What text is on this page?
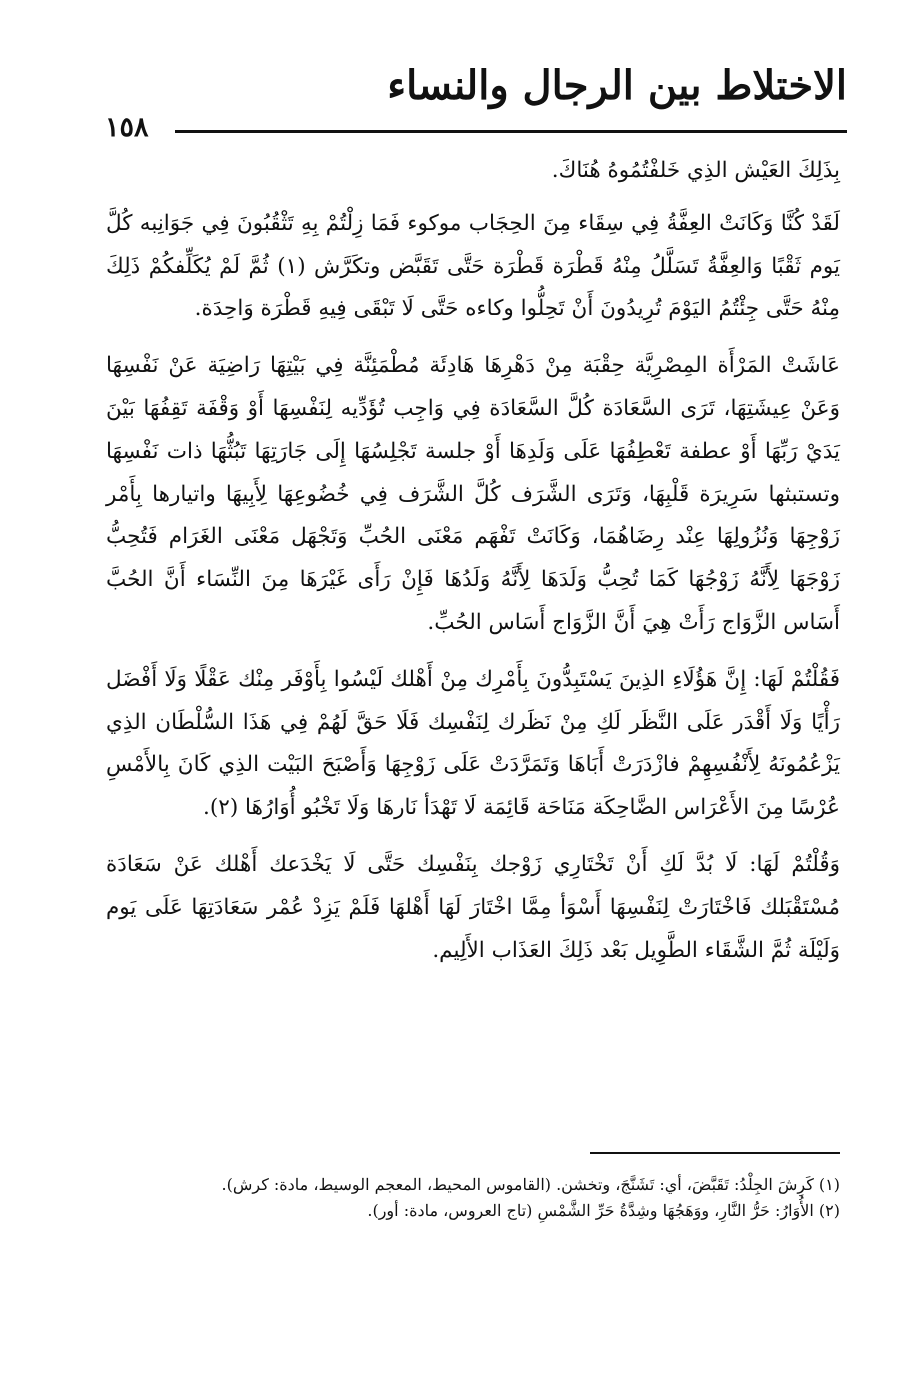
الاختلاط بين الرجال والنساء
١٥٨

بِذَلِكَ العَيْش الذِي خَلفْتُمُوهُ هُنَاكَ.

لَقَدْ كُنَّا وَكَانَتْ العِفَّةُ فِي سِقَاء مِنَ الحِجَاب موكوء فَمَا زِلْتُمْ بِهِ تَثْقُبُونَ فِي جَوَانِبه كُلَّ يَوم ثَقْبًا وَالعِفَّةُ تَسَلَّلُ مِنْهُ قَطْرَة قَطْرَة حَتَّى تَقَبَّض وتكَرَّش (١) ثُمَّ لَمْ يُكَلِّفكُمْ ذَلِكَ مِنْهُ حَتَّى جِئْتُمُ اليَوْمَ تُرِيدُونَ أَنْ تَحِلُّوا وكاءه حَتَّى لَا تَبْقَى فِيهِ قَطْرَة وَاحِدَة.

عَاشَتْ المَرْأَة المِصْرِيَّة حِقْبَة مِنْ دَهْرِهَا هَادِئَة مُطْمَئِنَّة فِي بَيْتِهَا رَاضِيَة عَنْ نَفْسِهَا وَعَنْ عِيشَتِهَا، تَرَى السَّعَادَة كُلَّ السَّعَادَة فِي وَاجِب تُؤَدِّيه لِنَفْسِهَا أَوْ وَقْفَة تَقِفُهَا بَيْنَ يَدَيْ رَبِّهَا أَوْ عطفة تَعْطِفُهَا عَلَى وَلَدِهَا أَوْ جلسة تَجْلِسُهَا إِلَى جَارَتِهَا تَبُثُّهَا ذات نَفْسِهَا وتستبثها سَرِيرَة قَلْبِهَا، وَتَرَى الشَّرَف كُلَّ الشَّرَف فِي خُضُوعِهَا لِأَبِيهَا واتيارها بِأَمْر زَوْجِهَا وَنُزُولِهَا عِنْد رِضَاهُمَا، وَكَانَتْ تَفْهَم مَعْنَى الحُبِّ وَتَجْهَل مَعْنَى الغَرَام فَتُحِبُّ زَوْجَهَا لِأَنَّهُ زَوْجُهَا كَمَا تُحِبُّ وَلَدَهَا لِأَنَّهُ وَلَدُهَا فَإِنْ رَأَى غَيْرَهَا مِنَ النِّسَاء أَنَّ الحُبَّ أَسَاس الزَّوَاج رَأَتْ هِيَ أَنَّ الزَّوَاج أَسَاس الحُبِّ.

فَقُلْتُمْ لَهَا: إِنَّ هَؤُلَاءِ الذِينَ يَسْتَبِدُّونَ بِأَمْرِك مِنْ أَهْلك لَيْسُوا بِأَوْفَر مِنْك عَقْلًا وَلَا أَفْضَل رَأْيًا وَلَا أَقْدَر عَلَى النَّظَر لَكِ مِنْ نَظَرك لِنَفْسِك فَلَا حَقَّ لَهُمْ فِي هَذَا السُّلْطَان الذِي يَزْعُمُونَهُ لِأَنْفُسِهِمْ فازْدَرَتْ أَبَاهَا وَتَمَرَّدَتْ عَلَى زَوْجِهَا وَأَصْبَحَ البَيْت الذِي كَانَ بِالأَمْسِ عُرْسًا مِنَ الأَعْرَاس الضَّاحِكَة مَنَاحَة قَائِمَة لَا تَهْدَأ نَارهَا وَلَا تَخْبُو أُوَارُهَا (٢).

وَقُلْتُمْ لَهَا: لَا بُدَّ لَكِ أَنْ تَخْتَارِي زَوْجك بِنَفْسِك حَتَّى لَا يَخْدَعك أَهْلك عَنْ سَعَادَة مُسْتَقْبَلك فَاخْتَارَتْ لِنَفْسِهَا أَسْوَأ مِمَّا اخْتَارَ لَهَا أَهْلهَا فَلَمْ يَزِدْ عُمْر سَعَادَتِهَا عَلَى يَوم وَلَيْلَة ثُمَّ الشَّقَاء الطَّوِيل بَعْد ذَلِكَ العَذَاب الأَلِيم.

(١) كَرِشَ الجِلْدُ: تَقَبَّضَ، أي: تَشَنَّجَ، وتخشن. (القاموس المحيط، المعجم الوسيط، مادة: كرش).

(٢) الأُوَارُ: حَرُّ النَّارِ، ووَهَجُهَا وشِدَّةُ حَرِّ الشَّمْسِ (تاج العروس، مادة: أور).
